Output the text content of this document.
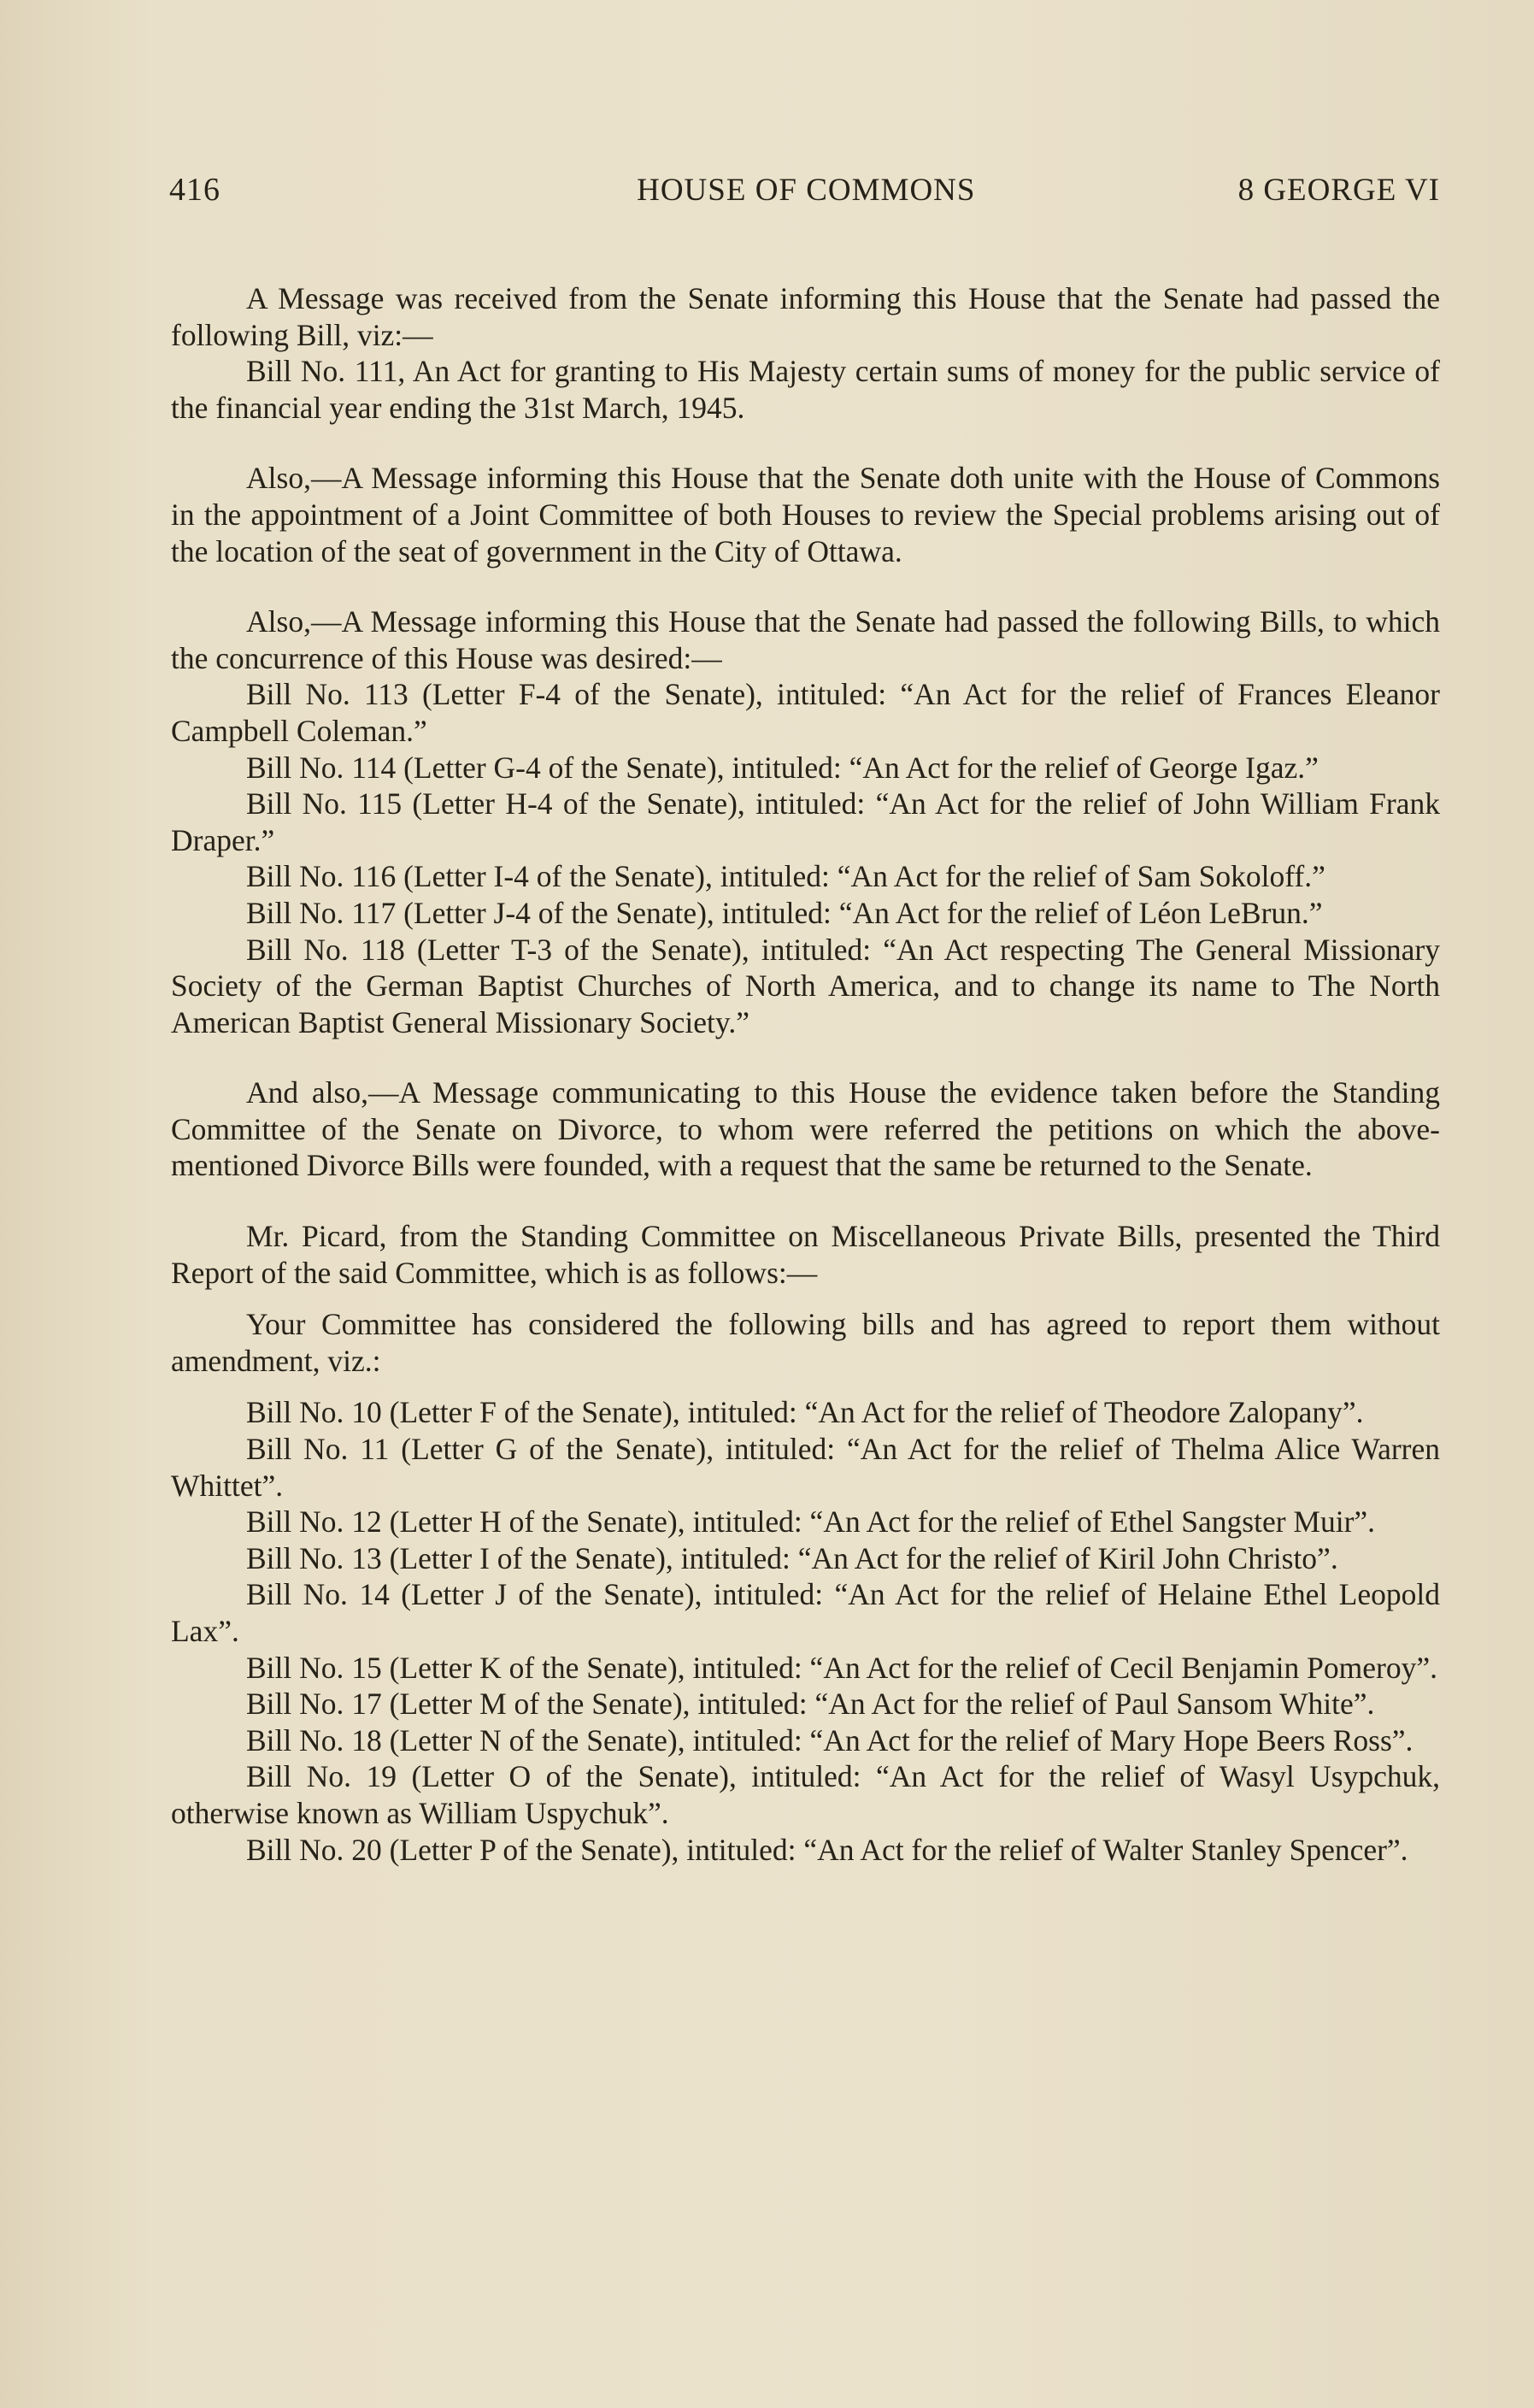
416	HOUSE OF COMMONS	8 GEORGE VI

A Message was received from the Senate informing this House that the Senate had passed the following Bill, viz:—

Bill No. 111, An Act for granting to His Majesty certain sums of money for the public service of the financial year ending the 31st March, 1945.

Also,—A Message informing this House that the Senate doth unite with the House of Commons in the appointment of a Joint Committee of both Houses to review the Special problems arising out of the location of the seat of government in the City of Ottawa.

Also,—A Message informing this House that the Senate had passed the following Bills, to which the concurrence of this House was desired:—

Bill No. 113 (Letter F-4 of the Senate), intituled: “An Act for the relief of Frances Eleanor Campbell Coleman.”

Bill No. 114 (Letter G-4 of the Senate), intituled: “An Act for the relief of George Igaz.”

Bill No. 115 (Letter H-4 of the Senate), intituled: “An Act for the relief of John William Frank Draper.”

Bill No. 116 (Letter I-4 of the Senate), intituled: “An Act for the relief of Sam Sokoloff.”

Bill No. 117 (Letter J-4 of the Senate), intituled: “An Act for the relief of Léon LeBrun.”

Bill No. 118 (Letter T-3 of the Senate), intituled: “An Act respecting The General Missionary Society of the German Baptist Churches of North America, and to change its name to The North American Baptist General Missionary Society.”

And also,—A Message communicating to this House the evidence taken before the Standing Committee of the Senate on Divorce, to whom were referred the petitions on which the above-mentioned Divorce Bills were founded, with a request that the same be returned to the Senate.

Mr. Picard, from the Standing Committee on Miscellaneous Private Bills, presented the Third Report of the said Committee, which is as follows:—

Your Committee has considered the following bills and has agreed to report them without amendment, viz.:

Bill No. 10 (Letter F of the Senate), intituled: “An Act for the relief of Theodore Zalopany”.

Bill No. 11 (Letter G of the Senate), intituled: “An Act for the relief of Thelma Alice Warren Whittet”.

Bill No. 12 (Letter H of the Senate), intituled: “An Act for the relief of Ethel Sangster Muir”.

Bill No. 13 (Letter I of the Senate), intituled: “An Act for the relief of Kiril John Christo”.

Bill No. 14 (Letter J of the Senate), intituled: “An Act for the relief of Helaine Ethel Leopold Lax”.

Bill No. 15 (Letter K of the Senate), intituled: “An Act for the relief of Cecil Benjamin Pomeroy”.

Bill No. 17 (Letter M of the Senate), intituled: “An Act for the relief of Paul Sansom White”.

Bill No. 18 (Letter N of the Senate), intituled: “An Act for the relief of Mary Hope Beers Ross”.

Bill No. 19 (Letter O of the Senate), intituled: “An Act for the relief of Wasyl Usypchuk, otherwise known as William Uspychuk”.

Bill No. 20 (Letter P of the Senate), intituled: “An Act for the relief of Walter Stanley Spencer”.
